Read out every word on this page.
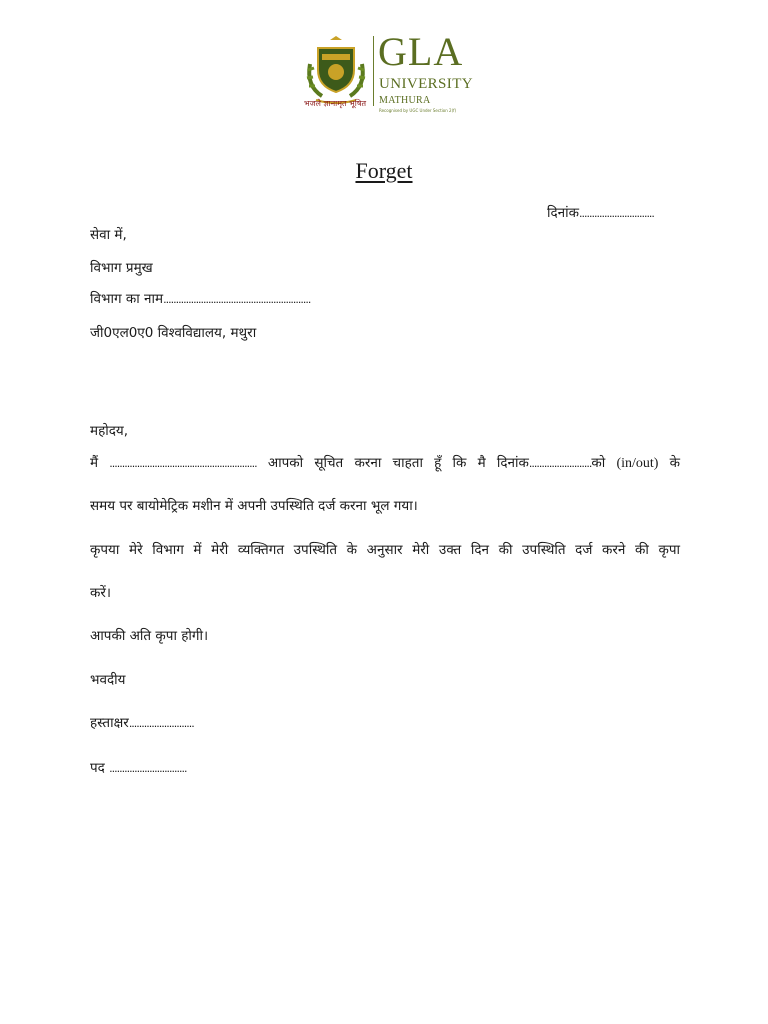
भजले ज्ञानामृत भूषित
GLA
UNIVERSITY
MATHURA
Recognised by UGC Under Section 2(f)
Forget
दिनांक..............................
सेवा में,
विभाग प्रमुख
विभाग का नाम...........................................................
जी0एल0ए0 विश्वविद्यालय, मथुरा
महोदय,
मैं ........................................................... आपको सूचित करना चाहता हूँ कि मै दिनांक.........................को (in/out) के
समय पर बायोमेट्रिक मशीन में अपनी उपस्थिति दर्ज करना भूल गया।
कृपया मेरे विभाग में मेरी व्यक्तिगत उपस्थिति के अनुसार मेरी उक्त दिन की उपस्थिति दर्ज करने की कृपा
करें।
आपकी अति कृपा होगी।
भवदीय
हस्ताक्षर..........................
पद ...............................
